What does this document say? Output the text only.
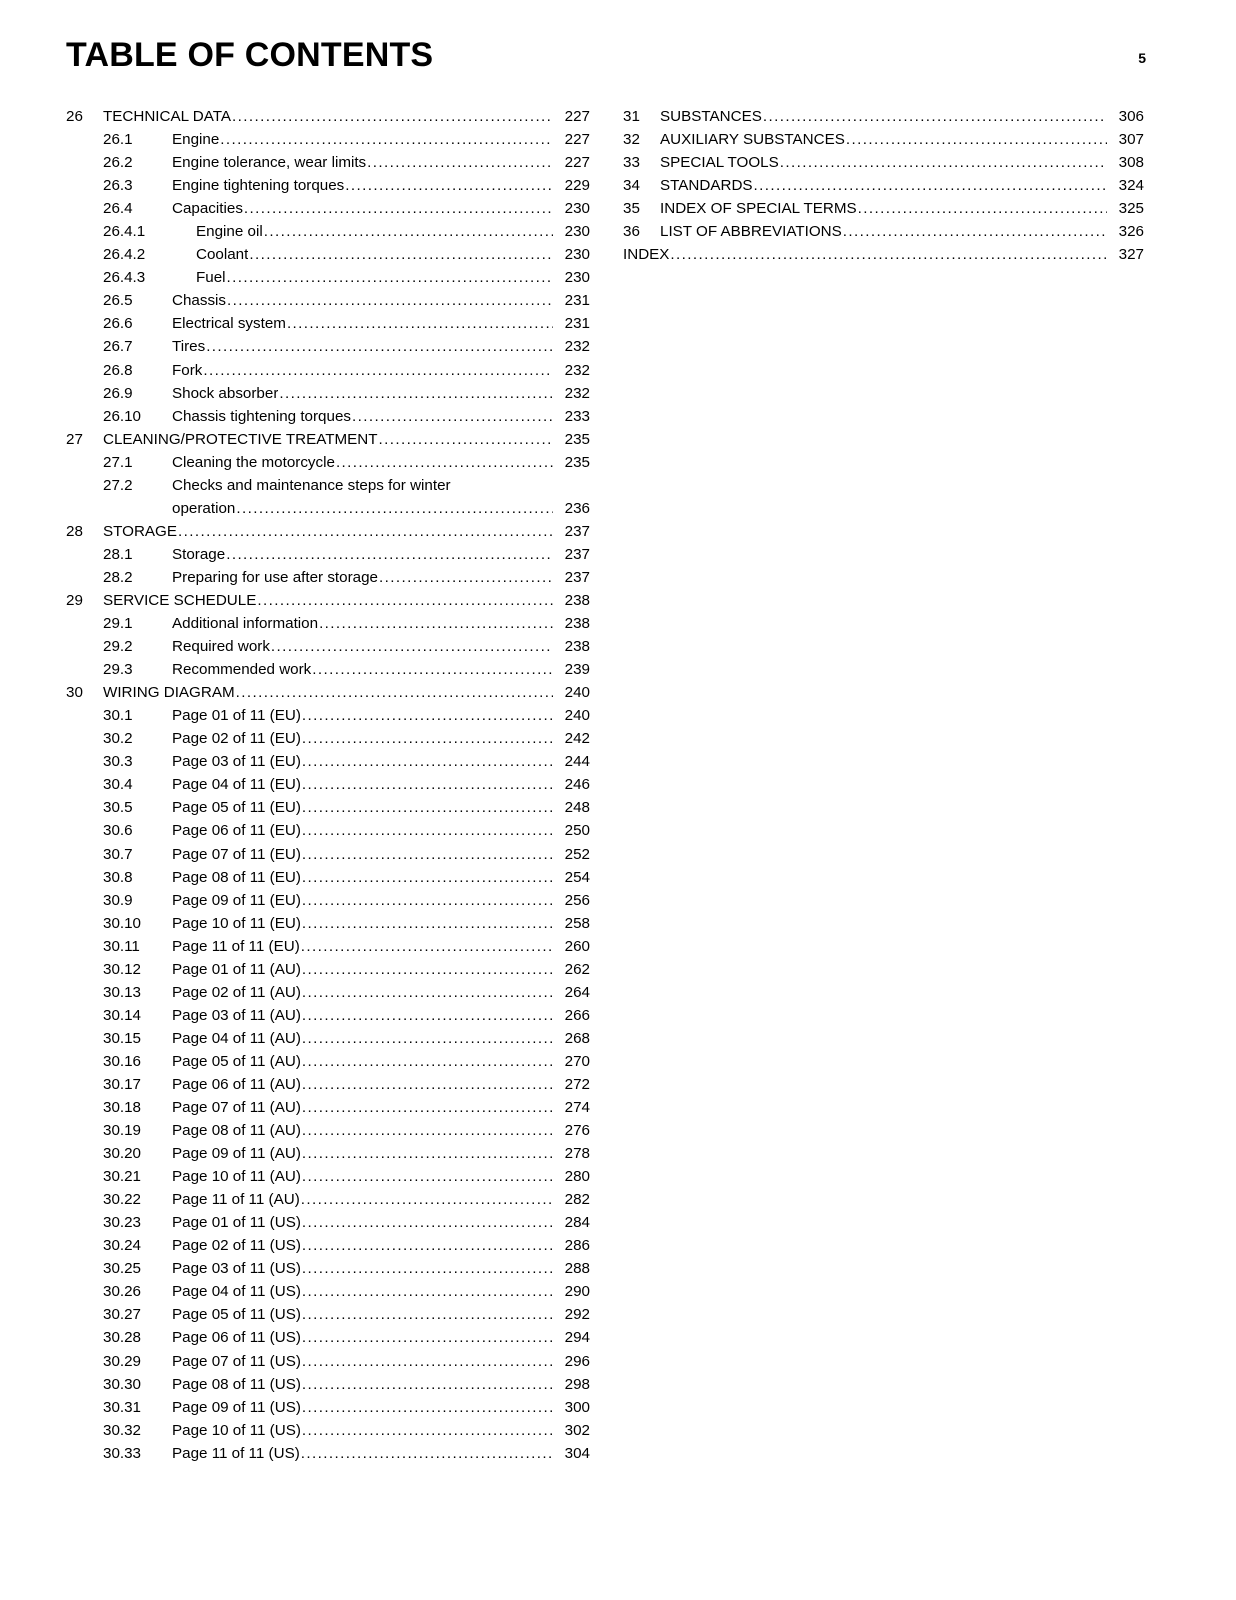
TABLE OF CONTENTS	5
26	TECHNICAL DATA .....	227
26.1	Engine .....	227
26.2	Engine tolerance, wear limits .....	227
26.3	Engine tightening torques .....	229
26.4	Capacities .....	230
26.4.1	Engine oil .....	230
26.4.2	Coolant .....	230
26.4.3	Fuel .....	230
26.5	Chassis .....	231
26.6	Electrical system .....	231
26.7	Tires .....	232
26.8	Fork .....	232
26.9	Shock absorber .....	232
26.10	Chassis tightening torques .....	233
27	CLEANING/PROTECTIVE TREATMENT .....	235
27.1	Cleaning the motorcycle .....	235
27.2	Checks and maintenance steps for winter
operation .....	236
28	STORAGE .....	237
28.1	Storage .....	237
28.2	Preparing for use after storage .....	237
29	SERVICE SCHEDULE .....	238
29.1	Additional information .....	238
29.2	Required work .....	238
29.3	Recommended work .....	239
30	WIRING DIAGRAM .....	240
30.1	Page 01 of 11 (EU) .....	240
30.2	Page 02 of 11 (EU) .....	242
30.3	Page 03 of 11 (EU) .....	244
30.4	Page 04 of 11 (EU) .....	246
30.5	Page 05 of 11 (EU) .....	248
30.6	Page 06 of 11 (EU) .....	250
30.7	Page 07 of 11 (EU) .....	252
30.8	Page 08 of 11 (EU) .....	254
30.9	Page 09 of 11 (EU) .....	256
30.10	Page 10 of 11 (EU) .....	258
30.11	Page 11 of 11 (EU) .....	260
30.12	Page 01 of 11 (AU) .....	262
30.13	Page 02 of 11 (AU) .....	264
30.14	Page 03 of 11 (AU) .....	266
30.15	Page 04 of 11 (AU) .....	268
30.16	Page 05 of 11 (AU) .....	270
30.17	Page 06 of 11 (AU) .....	272
30.18	Page 07 of 11 (AU) .....	274
30.19	Page 08 of 11 (AU) .....	276
30.20	Page 09 of 11 (AU) .....	278
30.21	Page 10 of 11 (AU) .....	280
30.22	Page 11 of 11 (AU) .....	282
30.23	Page 01 of 11 (US) .....	284
30.24	Page 02 of 11 (US) .....	286
30.25	Page 03 of 11 (US) .....	288
30.26	Page 04 of 11 (US) .....	290
30.27	Page 05 of 11 (US) .....	292
30.28	Page 06 of 11 (US) .....	294
30.29	Page 07 of 11 (US) .....	296
30.30	Page 08 of 11 (US) .....	298
30.31	Page 09 of 11 (US) .....	300
30.32	Page 10 of 11 (US) .....	302
30.33	Page 11 of 11 (US) .....	304
31	SUBSTANCES .....	306
32	AUXILIARY SUBSTANCES .....	307
33	SPECIAL TOOLS .....	308
34	STANDARDS .....	324
35	INDEX OF SPECIAL TERMS .....	325
36	LIST OF ABBREVIATIONS .....	326
INDEX .....	327
